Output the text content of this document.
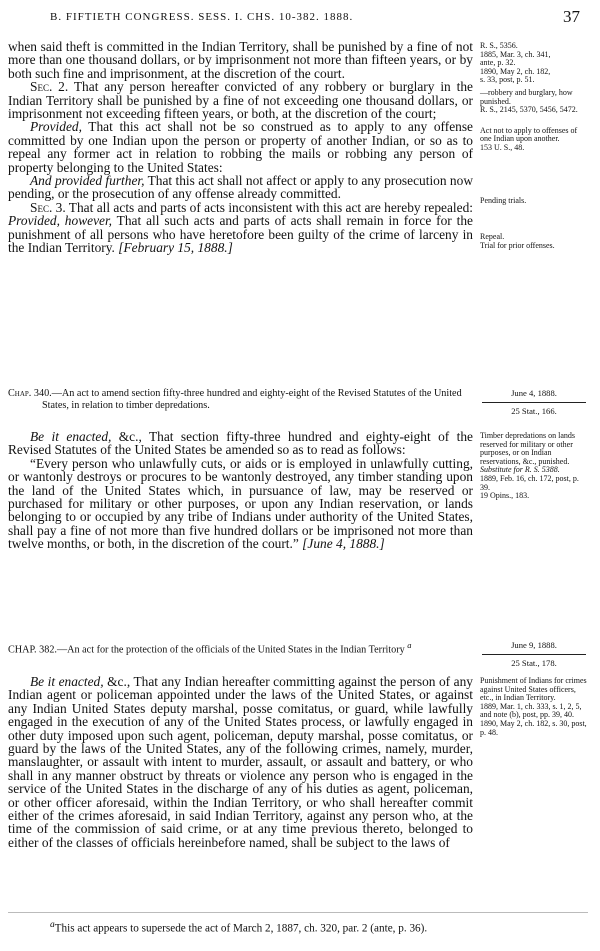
B. FIFTIETH CONGRESS. SESS. I. CHS. 10-382. 1888.	37

when said theft is committed in the Indian Territory, shall be punished by a fine of not more than one thousand dollars, or by imprisonment not more than fifteen years, or by both such fine and imprisonment, at the discretion of the court.

Sec. 2. That any person hereafter convicted of any robbery or burglary in the Indian Territory shall be punished by a fine of not exceeding one thousand dollars, or imprisonment not exceeding fifteen years, or both, at the discretion of the court;

Provided, That this act shall not be so construed as to apply to any offense committed by one Indian upon the person or property of another Indian, or so as to repeal any former act in relation to robbing the mails or robbing any person of property belonging to the United States:

And provided further, That this act shall not affect or apply to any prosecution now pending, or the prosecution of any offense already committed.

Sec. 3. That all acts and parts of acts inconsistent with this act are hereby repealed: Provided, however, That all such acts and parts of acts shall remain in force for the punishment of all persons who have heretofore been guilty of the crime of larceny in the Indian Territory. [February 15, 1888.]

R. S., 5356.
1885, Mar. 3, ch. 341,
ante, p. 32.
1890, May 2, ch. 182,
s. 33, post, p. 51.
—robbery and burglary, how punished.
R. S., 2145, 5370, 5456, 5472.
Act not to apply to offenses of one Indian upon another.
153 U. S., 48.
Pending trials.
Repeal.
Trial for prior offenses.
Chap. 340.—An act to amend section fifty-three hundred and eighty-eight of the Revised Statutes of the United States, in relation to timber depredations.
June 4, 1888.
25 Stat., 166.

Be it enacted, &c., That section fifty-three hundred and eighty-eight of the Revised Statutes of the United States be amended so as to read as follows:

“Every person who unlawfully cuts, or aids or is employed in unlawfully cutting, or wantonly destroys or procures to be wantonly destroyed, any timber standing upon the land of the United States which, in pursuance of law, may be reserved or purchased for military or other purposes, or upon any Indian reservation, or lands belonging to or occupied by any tribe of Indians under authority of the United States, shall pay a fine of not more than five hundred dollars or be imprisoned not more than twelve months, or both, in the discretion of the court.” [June 4, 1888.]

Timber depredations on lands reserved for military or other purposes, or on Indian reservations, &c., punished.
Substitute for R. S. 5388.
1889, Feb. 16, ch. 172, post, p. 39.
19 Opins., 183.
CHAP. 382.—An act for the protection of the officials of the United States in the Indian Territory $^a$	June 9, 1888.
25 Stat., 178.

Be it enacted, &c., That any Indian hereafter committing against the person of any Indian agent or policeman appointed under the laws of the United States, or against any Indian United States deputy marshal, posse comitatus, or guard, while lawfully engaged in the execution of any of the United States process, or lawfully engaged in other duty imposed upon such agent, policeman, deputy marshal, posse comitatus, or guard by the laws of the United States, any of the following crimes, namely, murder, manslaughter, or assault with intent to murder, assault, or assault and battery, or who shall in any manner obstruct by threats or violence any person who is engaged in the service of the United States in the discharge of any of his duties as agent, policeman, or other officer aforesaid, within the Indian Territory, or who shall hereafter commit either of the crimes aforesaid, in said Indian Territory, against any person who, at the time of the commission of said crime, or at any time previous thereto, belonged to either of the classes of officials hereinbefore named, shall be subject to the laws of

Punishment of Indians for crimes against United States officers, etc., in Indian Territory.
1889, Mar. 1, ch. 333, s. 1, 2, 5, and note (b), post, pp. 39, 40.
1890, May 2, ch. 182, s. 30, post, p. 48.
$^a$This act appears to supersede the act of March 2, 1887, ch. 320, par. 2 (ante, p. 36).
